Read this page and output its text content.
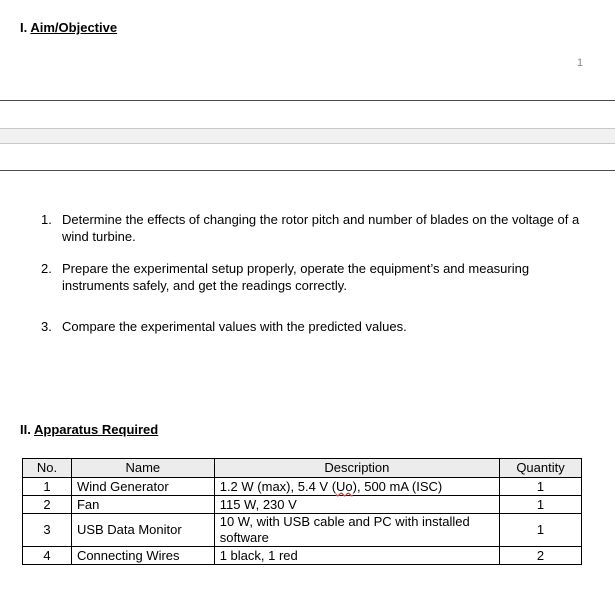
I. Aim/Objective
1
1. Determine the effects of changing the rotor pitch and number of blades on the voltage of a wind turbine.
2. Prepare the experimental setup properly, operate the equipment’s and measuring instruments safely, and get the readings correctly.
3. Compare the experimental values with the predicted values.
II. Apparatus Required
No.	Name	Description	Quantity
1	Wind Generator	1.2 W (max), 5.4 V (Uo), 500 mA (ISC)	1
2	Fan	115 W, 230 V	1
3	USB Data Monitor	10 W, with USB cable and PC with installed software	1
4	Connecting Wires	1 black, 1 red	2
